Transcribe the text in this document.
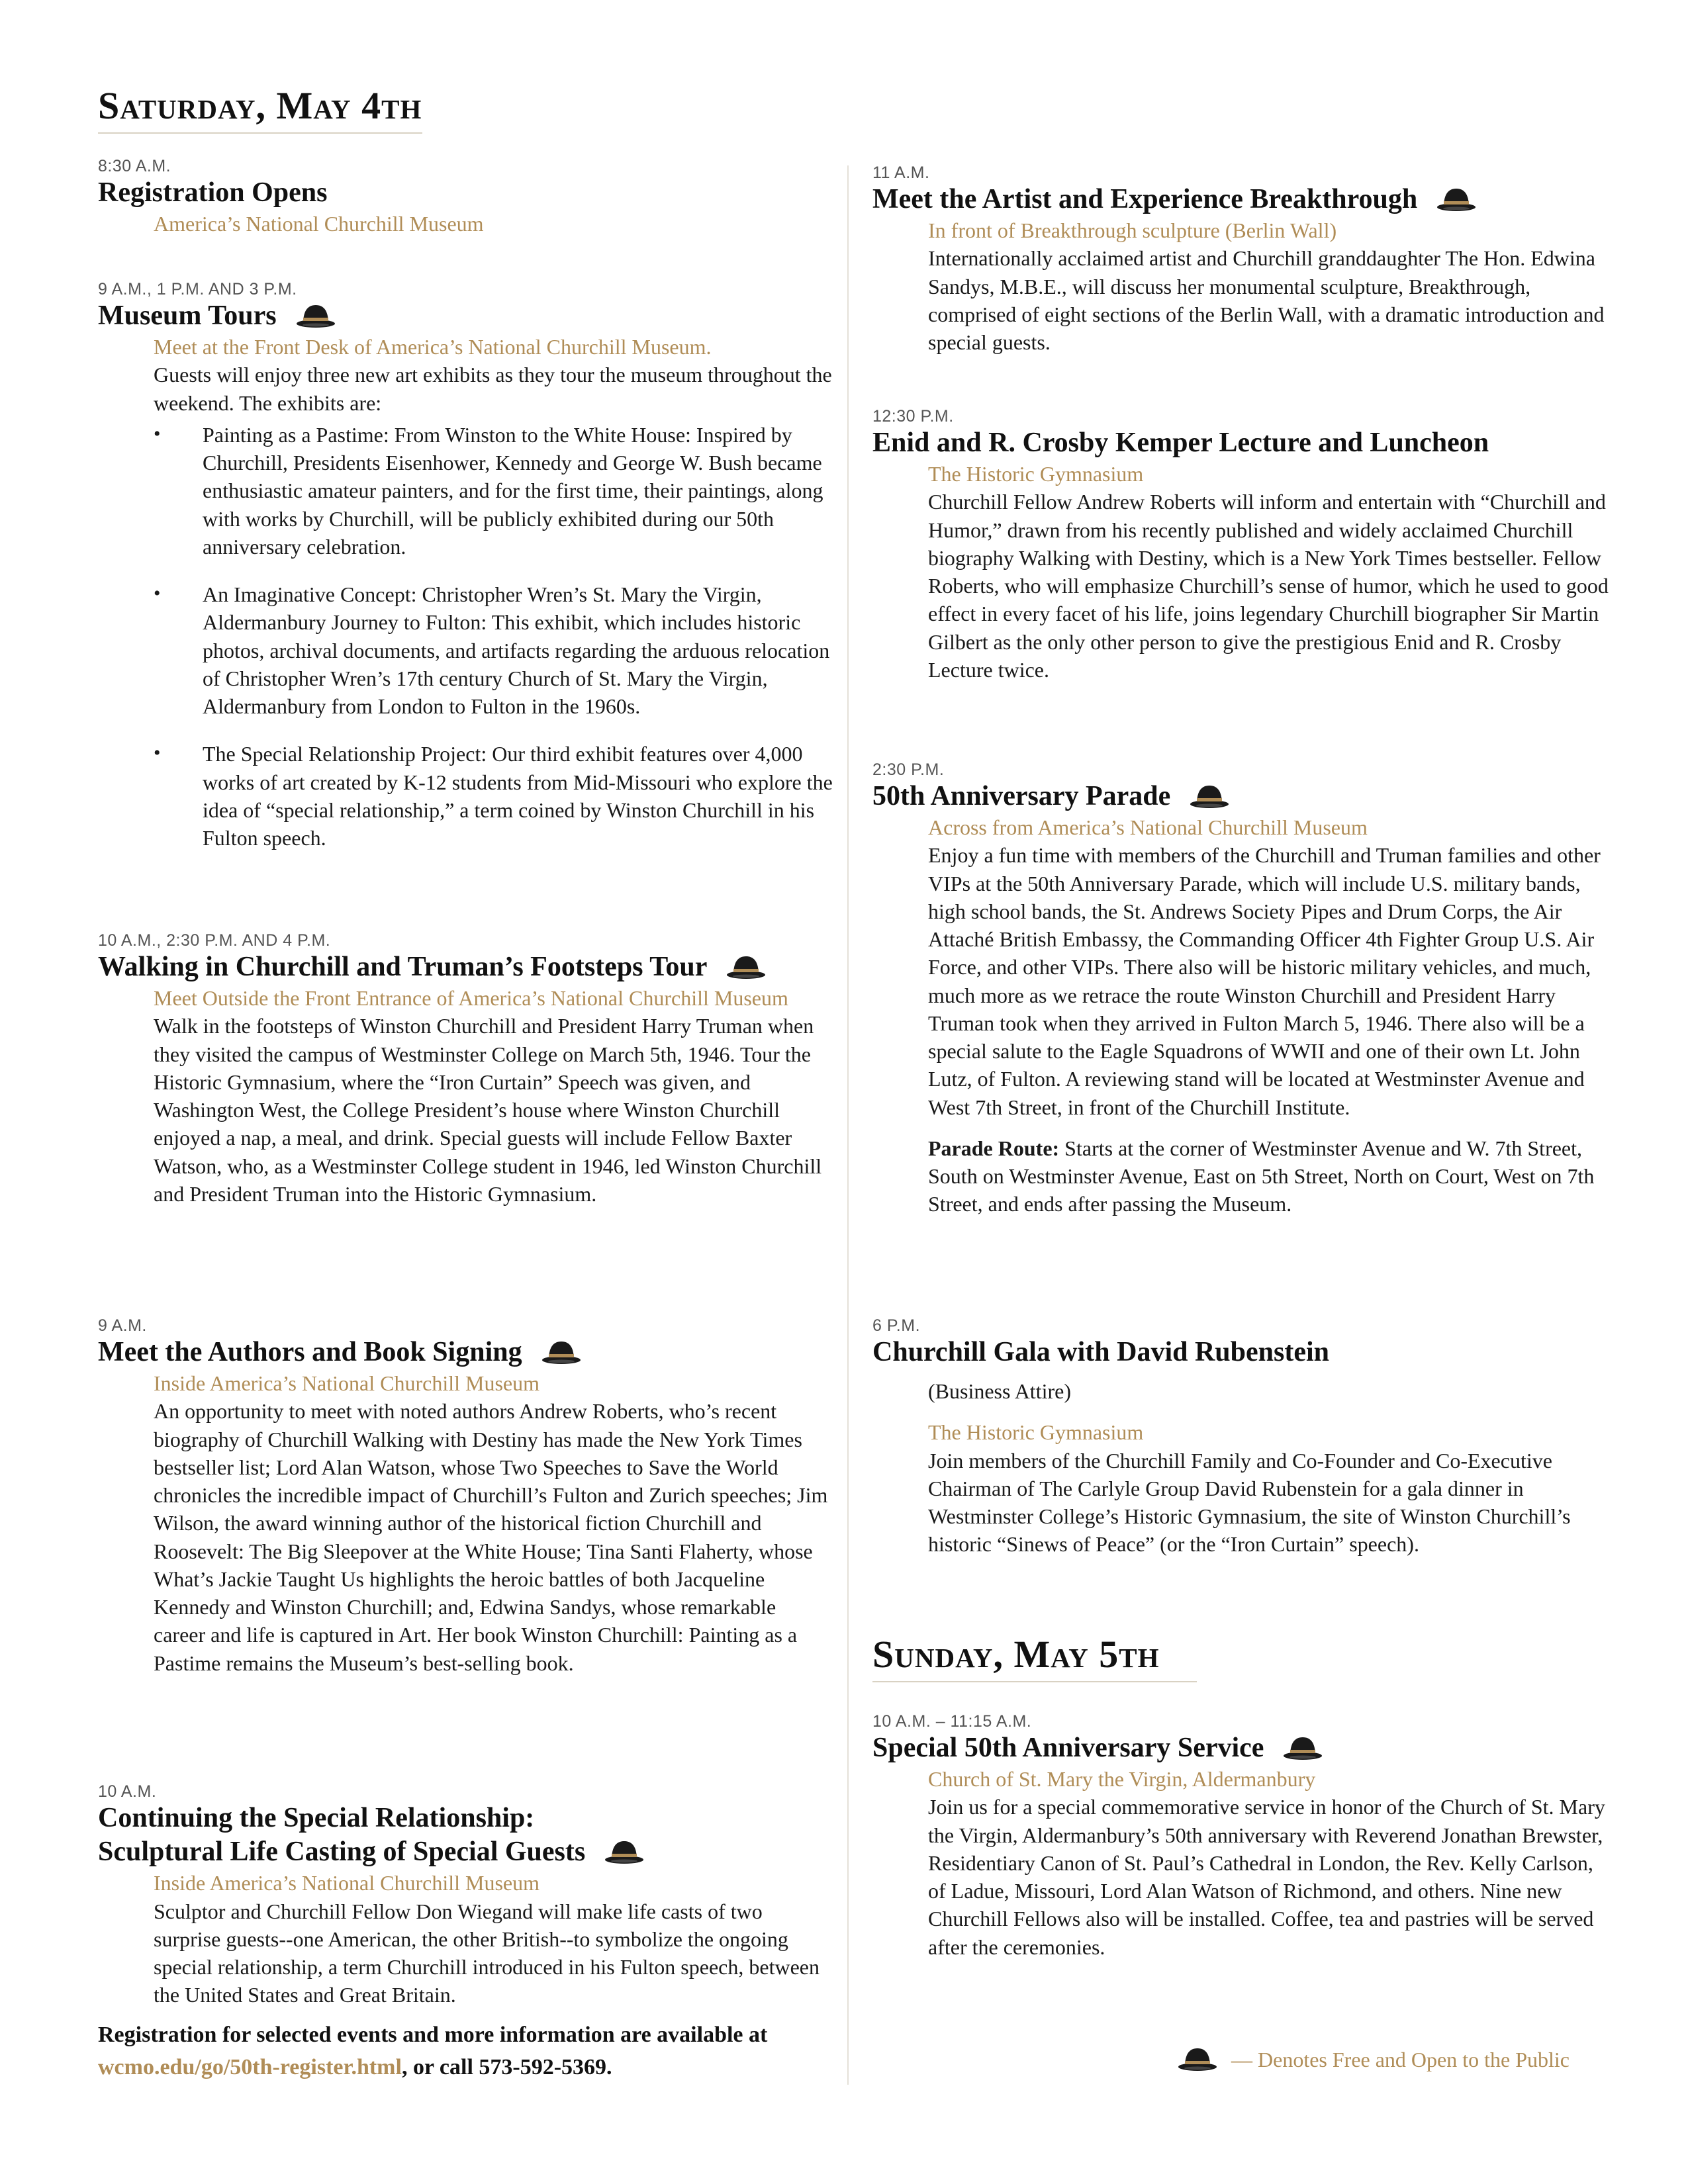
Saturday, May 4th
8:30 A.M.
Registration Opens
America’s National Churchill Museum
9 A.M., 1 P.M. AND 3 P.M.
Museum Tours
Meet at the Front Desk of America’s National Churchill Museum.

Guests will enjoy three new art exhibits as they tour the museum throughout the weekend. The exhibits are:

• Painting as a Pastime: From Winston to the White House: Inspired by Churchill, Presidents Eisenhower, Kennedy and George W. Bush became enthusiastic amateur painters, and for the first time, their paintings, along with works by Churchill, will be publicly exhibited during our 50th anniversary celebration.
• An Imaginative Concept: Christopher Wren’s St. Mary the Virgin, Aldermanbury Journey to Fulton: This exhibit, which includes historic photos, archival documents, and artifacts regarding the arduous relocation of Christopher Wren’s 17th century Church of St. Mary the Virgin, Aldermanbury from London to Fulton in the 1960s.
• The Special Relationship Project: Our third exhibit features over 4,000 works of art created by K-12 students from Mid-Missouri who explore the idea of “special relationship,” a term coined by Winston Churchill in his Fulton speech.
10 A.M., 2:30 P.M. AND 4 P.M.
Walking in Churchill and Truman’s Footsteps Tour
Meet Outside the Front Entrance of America’s National Churchill Museum
Walk in the footsteps of Winston Churchill and President Harry Truman when they visited the campus of Westminster College on March 5th, 1946. Tour the Historic Gymnasium, where the “Iron Curtain” Speech was given, and Washington West, the College President’s house where Winston Churchill enjoyed a nap, a meal, and drink. Special guests will include Fellow Baxter Watson, who, as a Westminster College student in 1946, led Winston Churchill and President Truman into the Historic Gymnasium.
9 A.M.
Meet the Authors and Book Signing
Inside America’s National Churchill Museum
An opportunity to meet with noted authors Andrew Roberts, who’s recent biography of Churchill Walking with Destiny has made the New York Times bestseller list; Lord Alan Watson, whose Two Speeches to Save the World chronicles the incredible impact of Churchill’s Fulton and Zurich speeches; Jim Wilson, the award winning author of the historical fiction Churchill and Roosevelt: The Big Sleepover at the White House; Tina Santi Flaherty, whose What’s Jackie Taught Us highlights the heroic battles of both Jacqueline Kennedy and Winston Churchill; and, Edwina Sandys, whose remarkable career and life is captured in Art. Her book Winston Churchill: Painting as a Pastime remains the Museum’s best-selling book.
10 A.M.
Continuing the Special Relationship:
Sculptural Life Casting of Special Guests
Inside America’s National Churchill Museum
Sculptor and Churchill Fellow Don Wiegand will make life casts of two surprise guests--one American, the other British--to symbolize the ongoing special relationship, a term Churchill introduced in his Fulton speech, between the United States and Great Britain.
Registration for selected events and more information are available at wcmo.edu/go/50th-register.html, or call 573-592-5369.
11 A.M.
Meet the Artist and Experience Breakthrough
In front of Breakthrough sculpture (Berlin Wall)
Internationally acclaimed artist and Churchill granddaughter The Hon. Edwina Sandys, M.B.E., will discuss her monumental sculpture, Breakthrough, comprised of eight sections of the Berlin Wall, with a dramatic introduction and special guests.
12:30 P.M.
Enid and R. Crosby Kemper Lecture and Luncheon
The Historic Gymnasium
Churchill Fellow Andrew Roberts will inform and entertain with “Churchill and Humor,” drawn from his recently published and widely acclaimed Churchill biography Walking with Destiny, which is a New York Times bestseller. Fellow Roberts, who will emphasize Churchill’s sense of humor, which he used to good effect in every facet of his life, joins legendary Churchill biographer Sir Martin Gilbert as the only other person to give the prestigious Enid and R. Crosby Lecture twice.
2:30 P.M.
50th Anniversary Parade
Across from America’s National Churchill Museum

Enjoy a fun time with members of the Churchill and Truman families and other VIPs at the 50th Anniversary Parade, which will include U.S. military bands, high school bands, the St. Andrews Society Pipes and Drum Corps, the Air Attaché British Embassy, the Commanding Officer 4th Fighter Group U.S. Air Force, and other VIPs. There also will be historic military vehicles, and much, much more as we retrace the route Winston Churchill and President Harry Truman took when they arrived in Fulton March 5, 1946. There also will be a special salute to the Eagle Squadrons of WWII and one of their own Lt. John Lutz, of Fulton. A reviewing stand will be located at Westminster Avenue and West 7th Street, in front of the Churchill Institute.

Parade Route: Starts at the corner of Westminster Avenue and W. 7th Street, South on Westminster Avenue, East on 5th Street, North on Court, West on 7th Street, and ends after passing the Museum.

6 P.M.
Churchill Gala with David Rubenstein
(Business Attire)
The Historic Gymnasium
Join members of the Churchill Family and Co-Founder and Co-Executive Chairman of The Carlyle Group David Rubenstein for a gala dinner in Westminster College’s Historic Gymnasium, the site of Winston Churchill’s historic “Sinews of Peace” (or the “Iron Curtain” speech).
Sunday, May 5th
10 A.M. – 11:15 A.M.
Special 50th Anniversary Service
Church of St. Mary the Virgin, Aldermanbury
Join us for a special commemorative service in honor of the Church of St. Mary the Virgin, Aldermanbury’s 50th anniversary with Reverend Jonathan Brewster, Residentiary Canon of St. Paul’s Cathedral in London, the Rev. Kelly Carlson, of Ladue, Missouri, Lord Alan Watson of Richmond, and others. Nine new Churchill Fellows also will be installed. Coffee, tea and pastries will be served after the ceremonies.
— Denotes Free and Open to the Public
